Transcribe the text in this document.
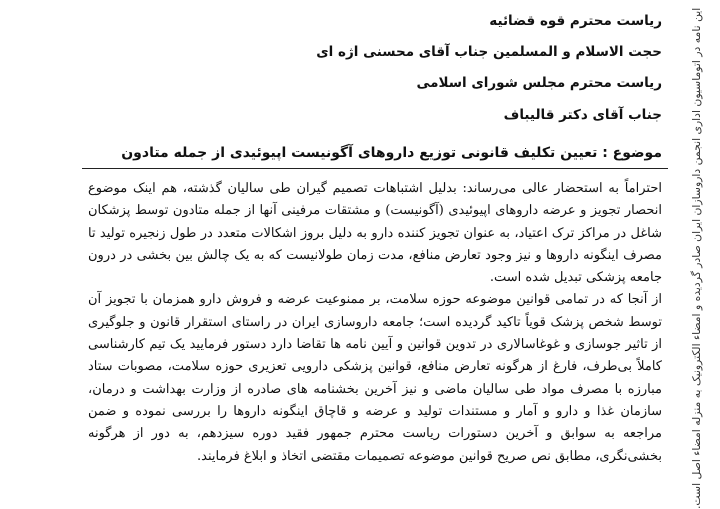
ریاست محترم قوه قضائیه
حجت الاسلام و المسلمین جناب آقای محسنی اژه ای
ریاست محترم مجلس شورای اسلامی
جناب آقای دکتر قالیباف
موضوع : تعیین تکلیف قانونی توزیع داروهای آگونیست اپیوئیدی از جمله متادون

احتراماً به استحضار عالی می‌رساند: بدلیل اشتباهات تصمیم گیران طی سالیان گذشته، هم اینک موضوع انحصار تجویز و عرضه داروهای اپیوئیدی (آگونیست) و مشتقات مرفینی آنها از جمله متادون توسط پزشکان شاغل در مراکز ترک اعتیاد، به عنوان تجویز کننده دارو به دلیل بروز اشکالات متعدد در طول زنجیره تولید تا مصرف اینگونه داروها و نیز وجود تعارض منافع، مدت زمان طولانیست که به یک چالش بین بخشی در درون جامعه پزشکی تبدیل شده است.

از آنجا که در تمامی قوانین موضوعه حوزه سلامت، بر ممنوعیت عرضه و فروش دارو همزمان با تجویز آن توسط شخص پزشک قویاً تاکید گردیده است؛ جامعه داروسازی ایران در راستای استقرار قانون و جلوگیری از تاثیر جوسازی و غوغاسالاری در تدوین قوانین و آیین نامه ها تقاضا دارد دستور فرمایید یک تیم کارشناسی کاملاً بی‌طرف، فارغ از هرگونه تعارض منافع، قوانین پزشکی دارویی تعزیری حوزه سلامت، مصوبات ستاد مبارزه با مصرف مواد طی سالیان ماضی و نیز آخرین بخشنامه های صادره از وزارت بهداشت و درمان، سازمان غذا و دارو و آمار و مستندات تولید و عرضه و قاچاق اینگونه داروها را بررسی نموده و ضمن مراجعه به سوابق و آخرین دستورات ریاست محترم جمهور فقید دوره سیزدهم، به دور از هرگونه بخشی‌نگری، مطابق نص صریح قوانین موضوعه تصمیمات مقتضی اتخاذ و ابلاغ فرمایند.	این نامه در اتوماسیون اداری انجمن داروسازان ایران صادر گردیده و امضاء الکترونیک به منزله امضاء اصل است.
